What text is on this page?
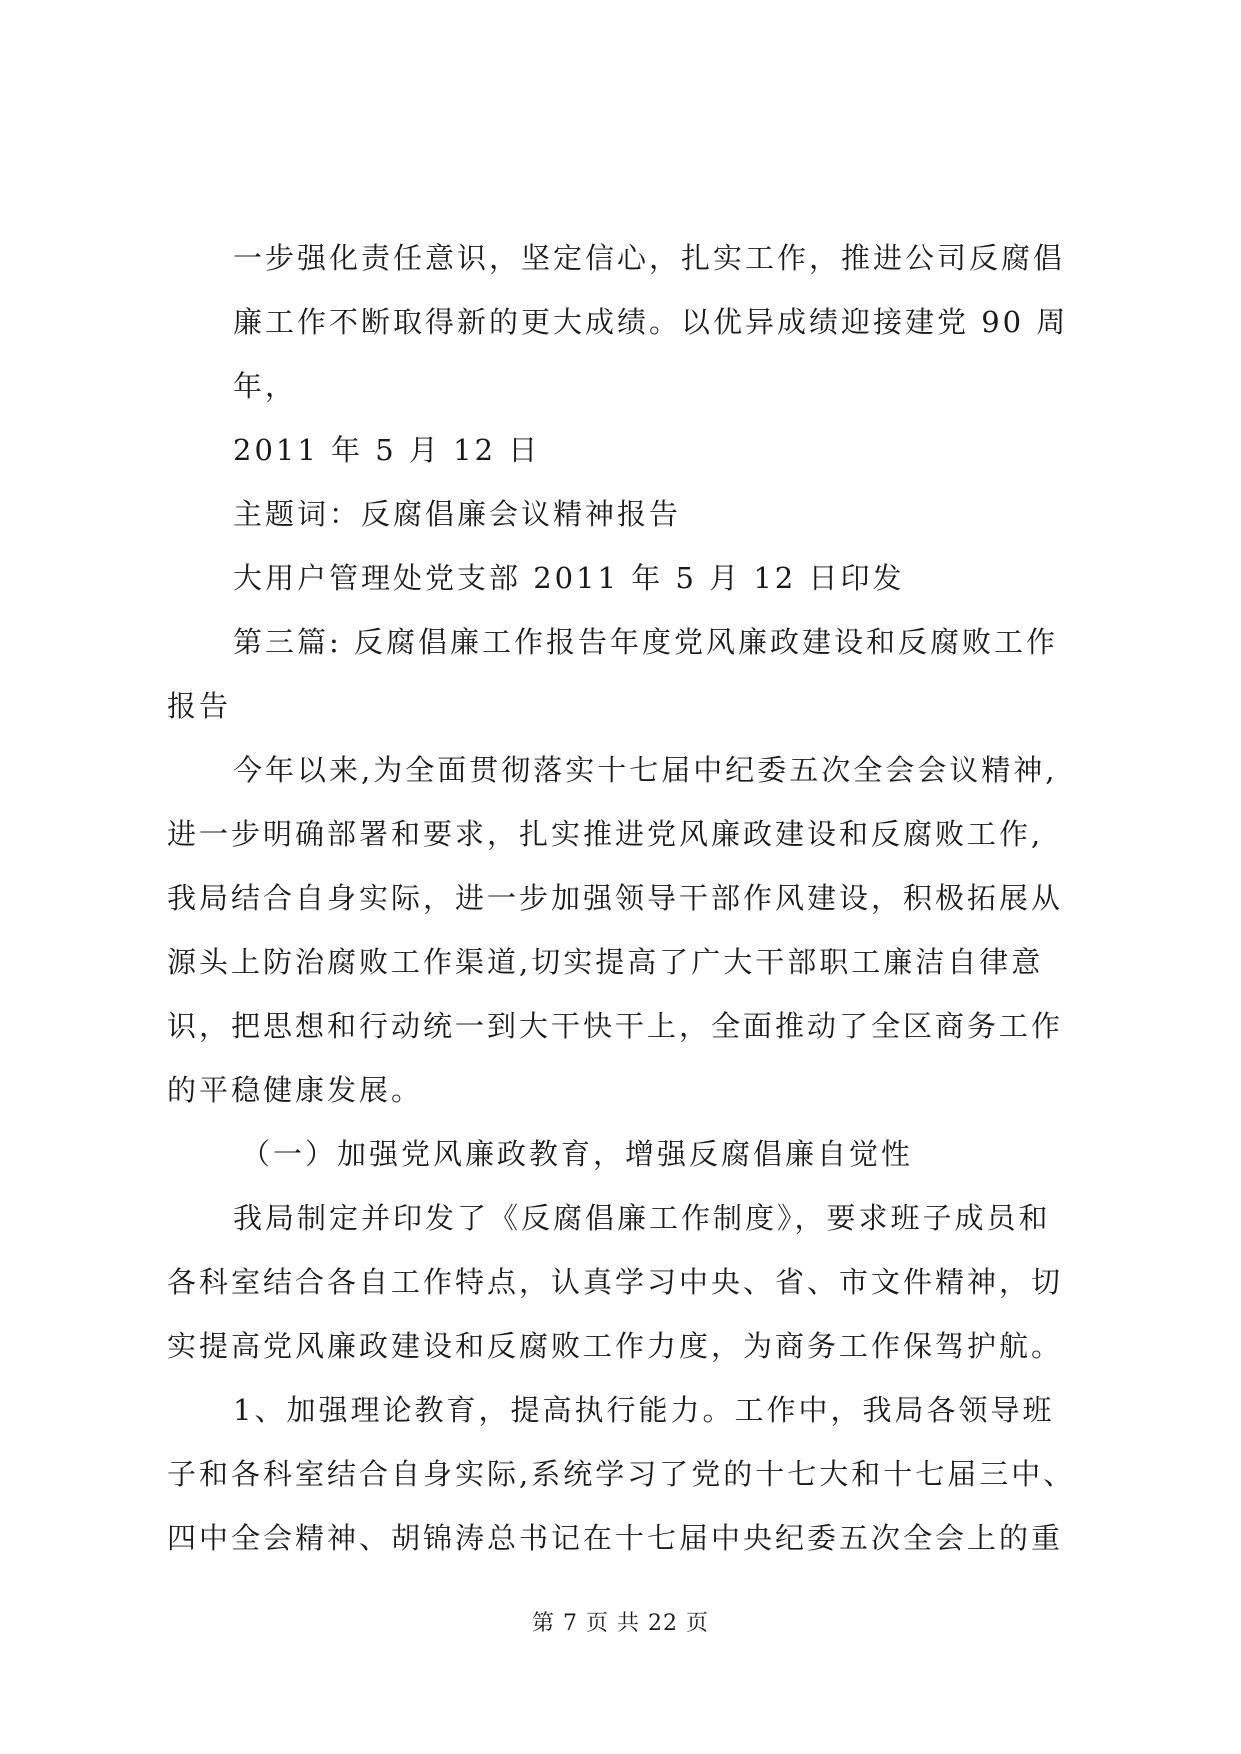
一步强化责任意识，坚定信心，扎实工作，推进公司反腐倡
廉工作不断取得新的更大成绩。以优异成绩迎接建党 90 周
年，
2011 年 5 月 12 日
主题词：反腐倡廉会议精神报告
大用户管理处党支部 2011 年 5 月 12 日印发
第三篇: 反腐倡廉工作报告年度党风廉政建设和反腐败工作
报告
今年以来,为全面贯彻落实十七届中纪委五次全会会议精神,
进一步明确部署和要求，扎实推进党风廉政建设和反腐败工作,
我局结合自身实际，进一步加强领导干部作风建设，积极拓展从
源头上防治腐败工作渠道,切实提高了广大干部职工廉洁自律意
识，把思想和行动统一到大干快干上，全面推动了全区商务工作
的平稳健康发展。
（一）加强党风廉政教育，增强反腐倡廉自觉性
我局制定并印发了《反腐倡廉工作制度》，要求班子成员和
各科室结合各自工作特点，认真学习中央、省、市文件精神，切
实提高党风廉政建设和反腐败工作力度，为商务工作保驾护航。
1、加强理论教育，提高执行能力。工作中，我局各领导班
子和各科室结合自身实际,系统学习了党的十七大和十七届三中、
四中全会精神、胡锦涛总书记在十七届中央纪委五次全会上的重
第 7 页 共 22 页
